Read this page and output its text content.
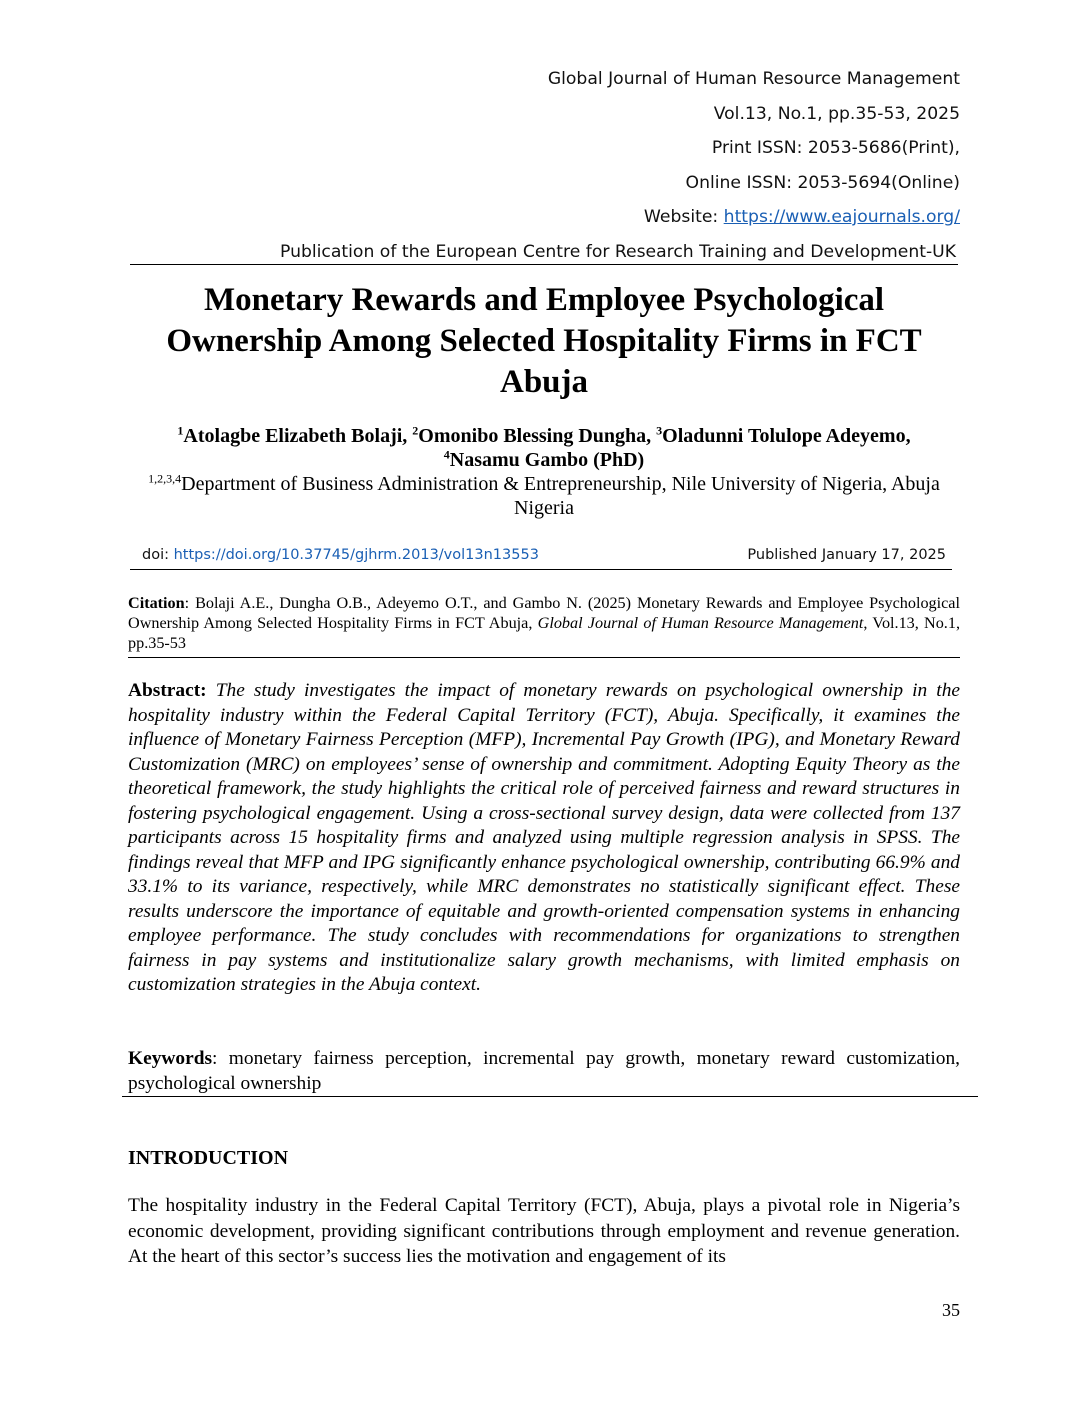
Global Journal of Human Resource Management
Vol.13, No.1, pp.35-53, 2025
Print ISSN: 2053-5686(Print),
Online ISSN: 2053-5694(Online)
Website: https://www.eajournals.org/
Publication of the European Centre for Research Training and Development-UK
Monetary Rewards and Employee Psychological Ownership Among Selected Hospitality Firms in FCT Abuja
$^1$Atolagbe Elizabeth Bolaji, $^2$Omonibo Blessing Dungha, $^3$Oladunni Tolulope Adeyemo,
$^4$Nasamu Gambo (PhD)
$^{1,2,3,4}$Department of Business Administration & Entrepreneurship, Nile University of Nigeria, Abuja Nigeria
doi: https://doi.org/10.37745/gjhrm.2013/vol13n13553	Published January 17, 2025
Citation: Bolaji A.E., Dungha O.B., Adeyemo O.T., and Gambo N. (2025) Monetary Rewards and Employee Psychological Ownership Among Selected Hospitality Firms in FCT Abuja, Global Journal of Human Resource Management, Vol.13, No.1, pp.35-53
Abstract: The study investigates the impact of monetary rewards on psychological ownership in the hospitality industry within the Federal Capital Territory (FCT), Abuja. Specifically, it examines the influence of Monetary Fairness Perception (MFP), Incremental Pay Growth (IPG), and Monetary Reward Customization (MRC) on employees’ sense of ownership and commitment. Adopting Equity Theory as the theoretical framework, the study highlights the critical role of perceived fairness and reward structures in fostering psychological engagement. Using a cross-sectional survey design, data were collected from 137 participants across 15 hospitality firms and analyzed using multiple regression analysis in SPSS. The findings reveal that MFP and IPG significantly enhance psychological ownership, contributing 66.9% and 33.1% to its variance, respectively, while MRC demonstrates no statistically significant effect. These results underscore the importance of equitable and growth-oriented compensation systems in enhancing employee performance. The study concludes with recommendations for organizations to strengthen fairness in pay systems and institutionalize salary growth mechanisms, with limited emphasis on customization strategies in the Abuja context.
Keywords: monetary fairness perception, incremental pay growth, monetary reward customization, psychological ownership
INTRODUCTION
The hospitality industry in the Federal Capital Territory (FCT), Abuja, plays a pivotal role in Nigeria’s economic development, providing significant contributions through employment and revenue generation. At the heart of this sector’s success lies the motivation and engagement of its
35
